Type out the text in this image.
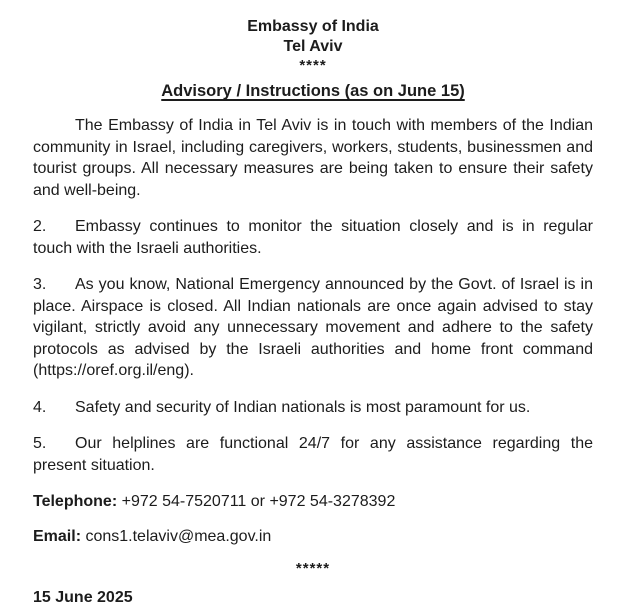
Embassy of India
Tel Aviv
****
Advisory / Instructions (as on June 15)

The Embassy of India in Tel Aviv is in touch with members of the Indian community in Israel, including caregivers, workers, students, businessmen and tourist groups. All necessary measures are being taken to ensure their safety and well-being.

2. Embassy continues to monitor the situation closely and is in regular touch with the Israeli authorities.

3. As you know, National Emergency announced by the Govt. of Israel is in place. Airspace is closed. All Indian nationals are once again advised to stay vigilant, strictly avoid any unnecessary movement and adhere to the safety protocols as advised by the Israeli authorities and home front command (https://oref.org.il/eng).

4. Safety and security of Indian nationals is most paramount for us.

5. Our helplines are functional 24/7 for any assistance regarding the present situation.

Telephone: +972 54-7520711 or +972 54-3278392

Email: cons1.telaviv@mea.gov.in

*****
15 June 2025
